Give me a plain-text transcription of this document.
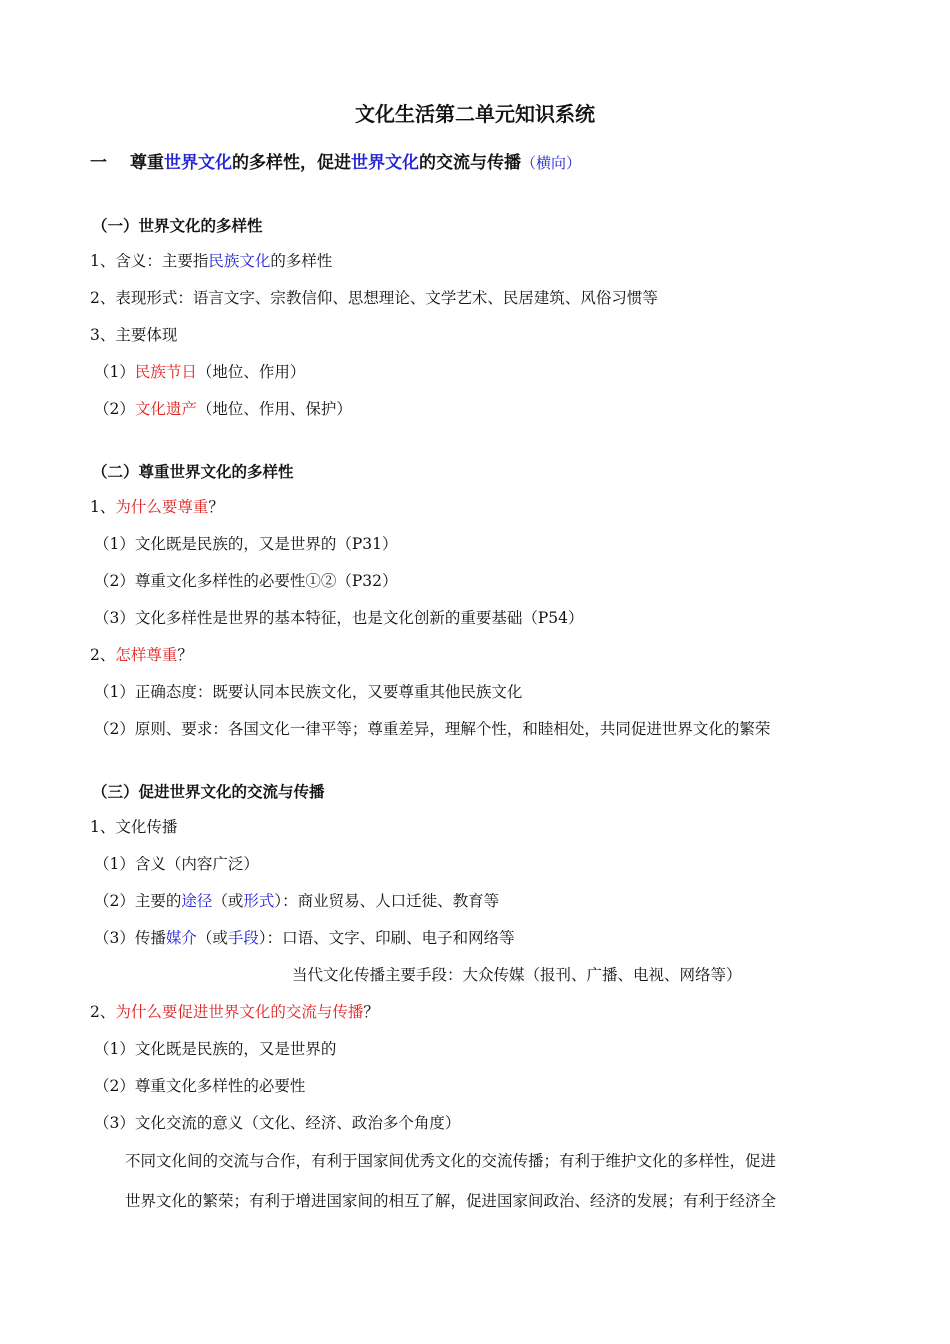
文化生活第二单元知识系统
一 尊重世界文化的多样性，促进世界文化的交流与传播（横向）
（一）世界文化的多样性
1、含义：主要指民族文化的多样性
2、表现形式：语言文字、宗教信仰、思想理论、文学艺术、民居建筑、风俗习惯等
3、主要体现
（1）民族节日（地位、作用）
（2）文化遗产（地位、作用、保护）
（二）尊重世界文化的多样性
1、为什么要尊重？
（1）文化既是民族的，又是世界的（P31）
（2）尊重文化多样性的必要性①②（P32）
（3）文化多样性是世界的基本特征，也是文化创新的重要基础（P54）
2、怎样尊重？
（1）正确态度：既要认同本民族文化，又要尊重其他民族文化
（2）原则、要求：各国文化一律平等；尊重差异，理解个性，和睦相处，共同促进世界文化的繁荣
（三）促进世界文化的交流与传播
1、文化传播
（1）含义（内容广泛）
（2）主要的途径（或形式）：商业贸易、人口迁徙、教育等
（3）传播媒介（或手段）：口语、文字、印刷、电子和网络等
当代文化传播主要手段：大众传媒（报刊、广播、电视、网络等）
2、为什么要促进世界文化的交流与传播？
（1）文化既是民族的，又是世界的
（2）尊重文化多样性的必要性
（3）文化交流的意义（文化、经济、政治多个角度）
不同文化间的交流与合作，有利于国家间优秀文化的交流传播；有利于维护文化的多样性，促进
世界文化的繁荣；有利于增进国家间的相互了解，促进国家间政治、经济的发展；有利于经济全
